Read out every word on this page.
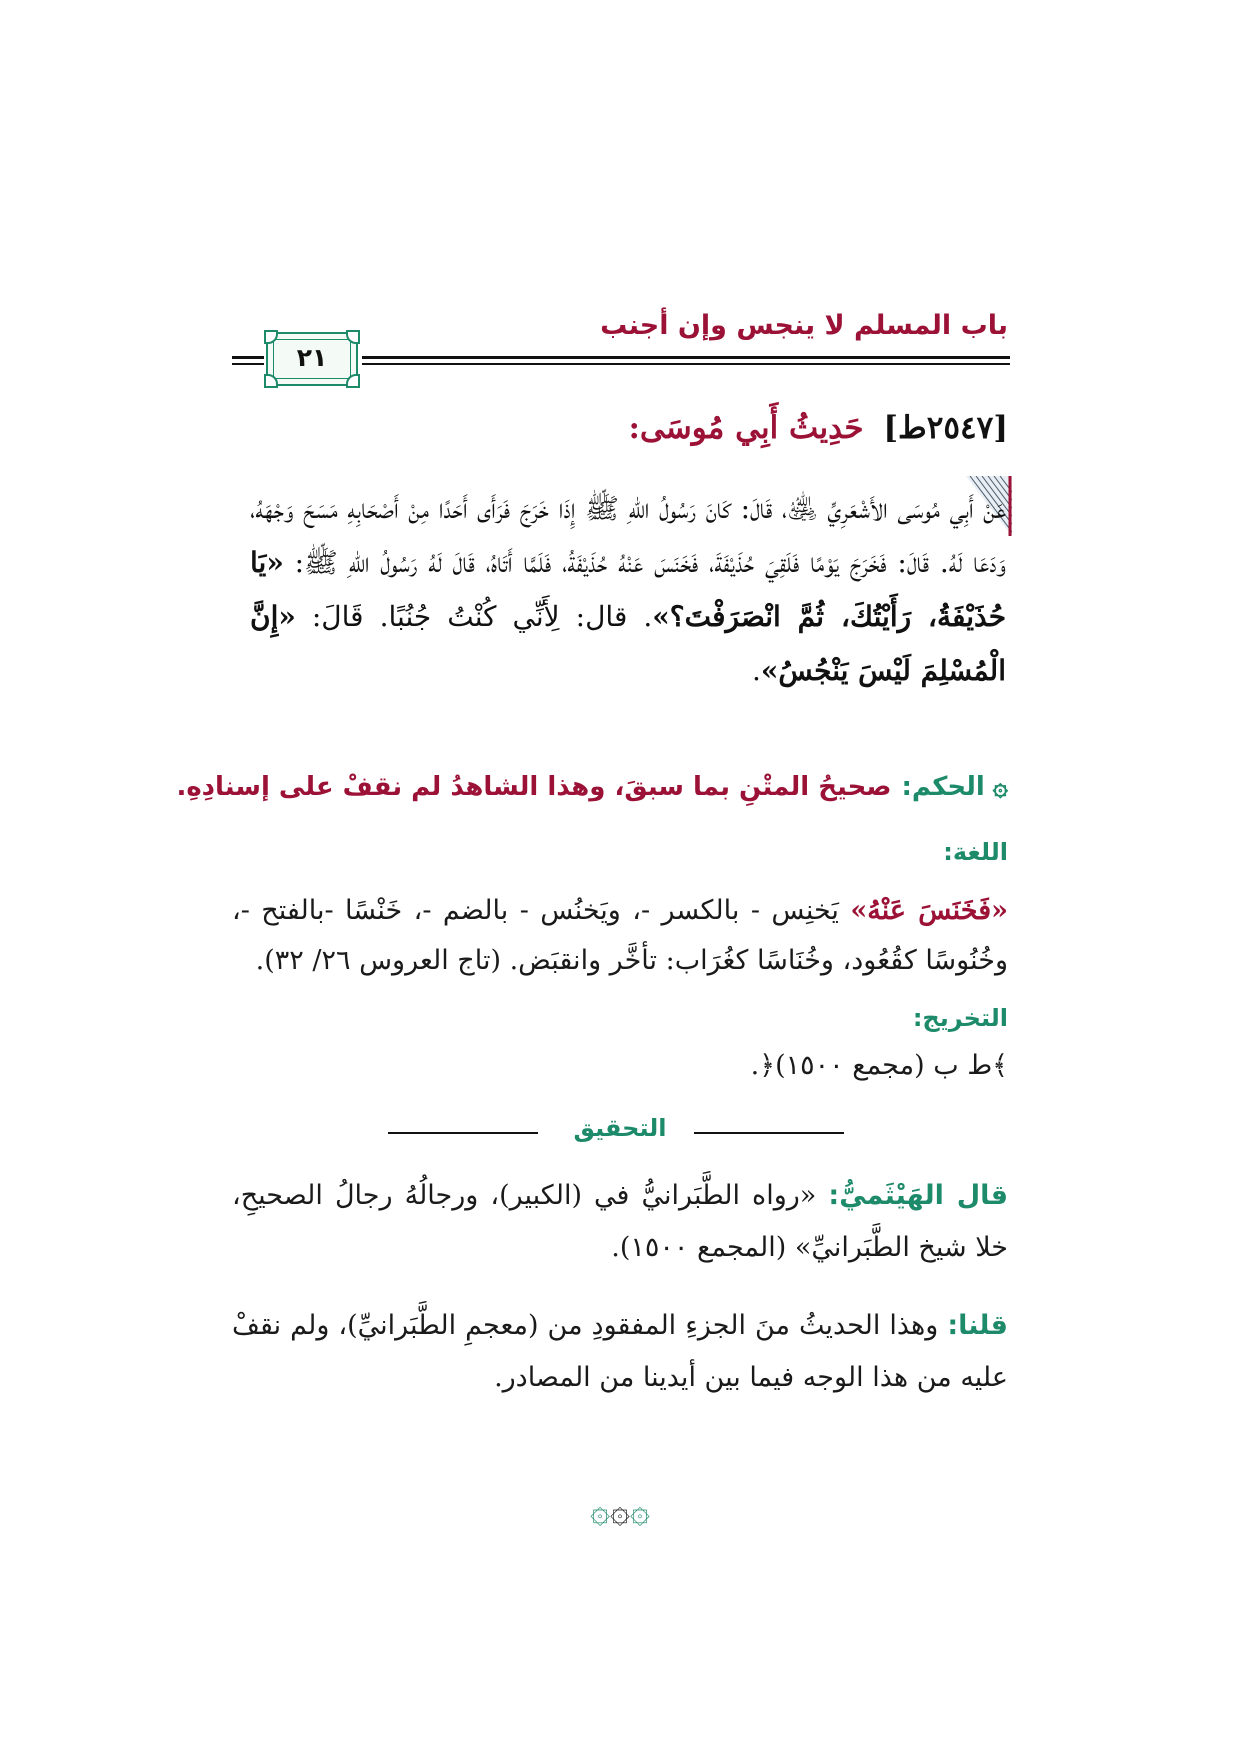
باب المسلم لا ينجس وإن أجنب
٢١
[٢٥٤٧ط] حَدِيثُ أَبِي مُوسَى:
عَنْ أَبِي مُوسَى الأَشْعَرِيِّ ﵁، قَالَ: كَانَ رَسُولُ اللهِ ﷺ إِذَا خَرَجَ فَرَأَى أَحَدًا مِنْ أَصْحَابِهِ مَسَحَ وَجْهَهُ، وَدَعَا لَهُ. قَالَ: فَخَرَجَ يَوْمًا فَلَقِيَ حُذَيْفَةَ، فَخَنَسَ عَنْهُ حُذَيْفَةُ، فَلَمَّا أَتَاهُ، قَالَ لَهُ رَسُولُ اللهِ ﷺ: «يَا حُذَيْفَةُ، رَأَيْتُكَ، ثُمَّ انْصَرَفْتَ؟». قال: لِأَنِّي كُنْتُ جُنُبًا. قَالَ: «إِنَّ الْمُسْلِمَ لَيْسَ يَنْجُسُ».
۞الحكم:صحيحُ المتْنِ بما سبقَ، وهذا الشاهدُ لم نقفْ على إسنادِهِ.
اللغة:
«فَخَنَسَ عَنْهُ» يَخنِس - بالكسر -، ويَخنُس - بالضم -، خَنْسًا -بالفتح -، وخُنُوسًا كقُعُود، وخُنَاسًا كغُرَاب: تأخَّر وانقبَض. (تاج العروس ٢٦/ ٣٢).
التخريج:
﴾ط ب (مجمع ١٥٠٠)﴿.
التحقيق
قال الهَيْثَميُّ: «رواه الطَّبَرانيُّ في (الكبير)، ورجالُهُ رجالُ الصحيحِ، خلا شيخ الطَّبَرانيِّ» (المجمع ١٥٠٠).
قلنا: وهذا الحديثُ منَ الجزءِ المفقودِ من (معجمِ الطَّبَرانيِّ)، ولم نقفْ عليه من هذا الوجه فيما بين أيدينا من المصادر.
۞۞۞
